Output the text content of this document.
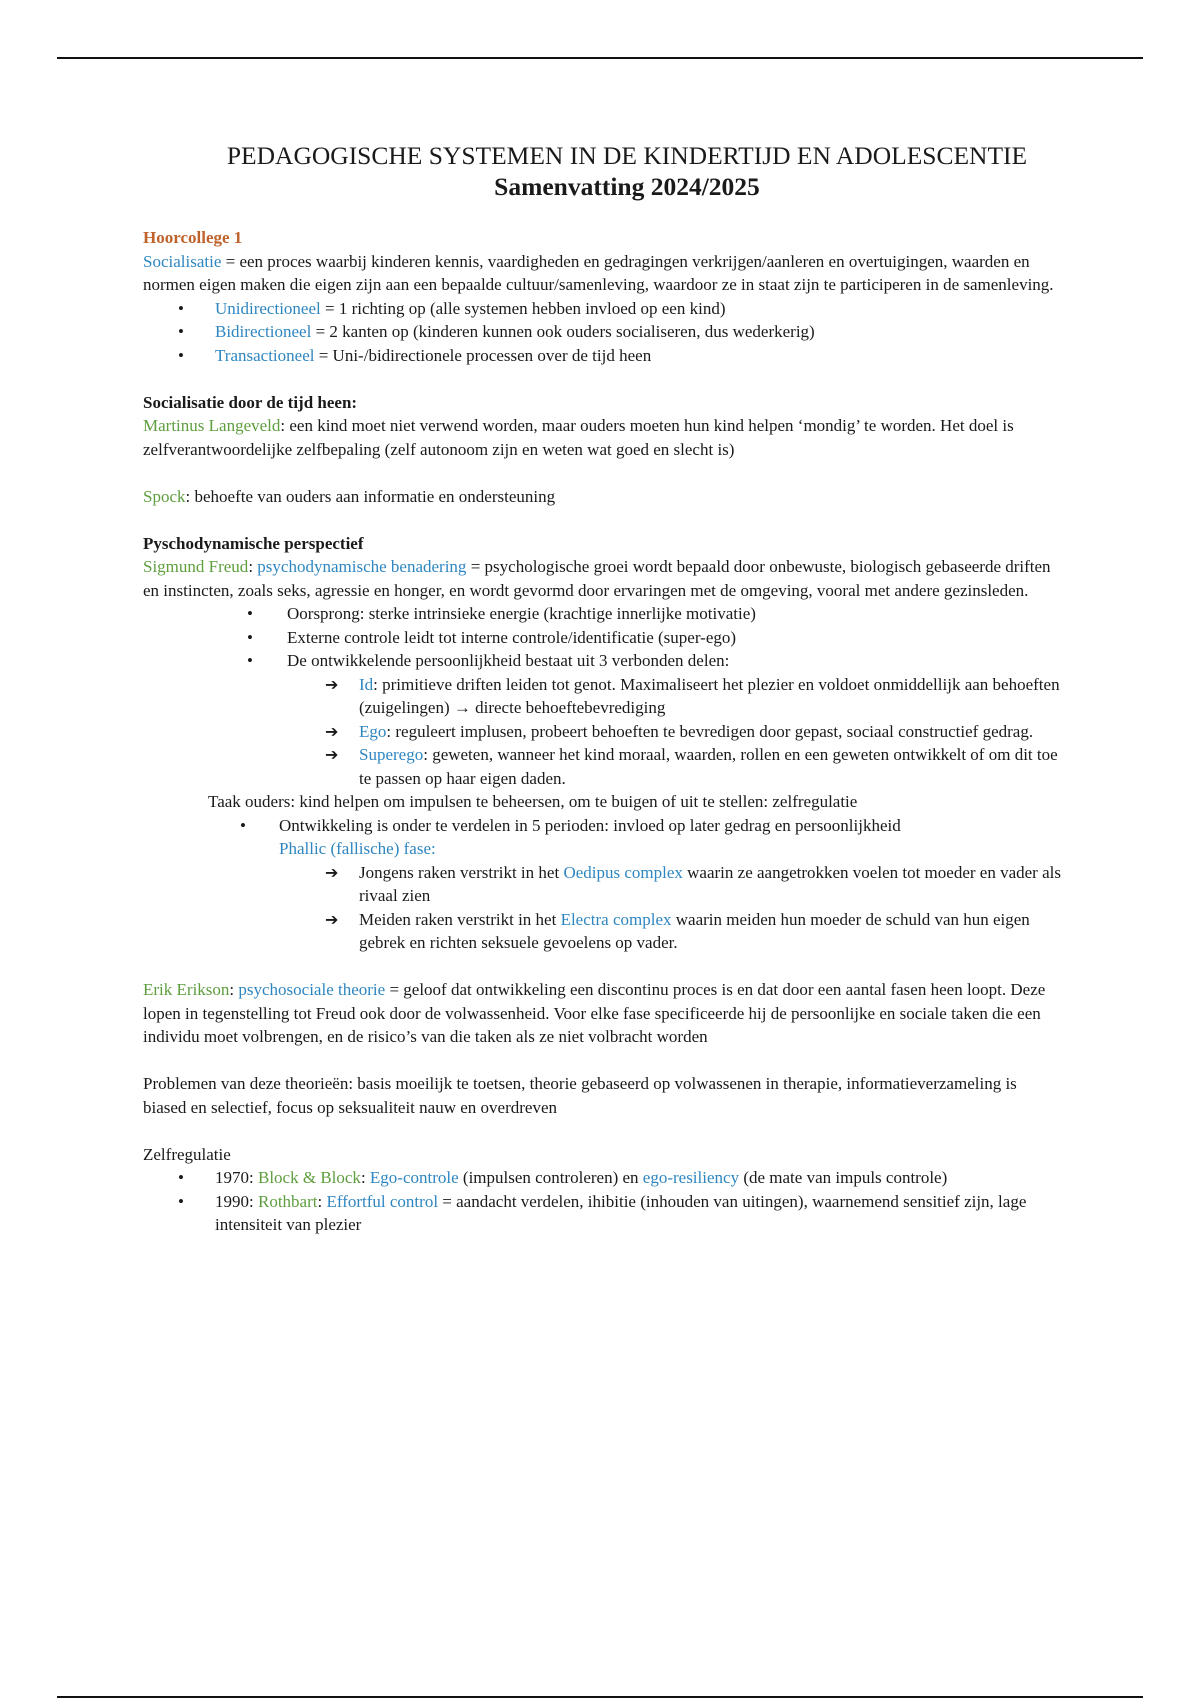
PEDAGOGISCHE SYSTEMEN IN DE KINDERTIJD EN ADOLESCENTIE
Samenvatting 2024/2025

Hoorcollege 1

Socialisatie = een proces waarbij kinderen kennis, vaardigheden en gedragingen verkrijgen/aanleren en overtuigingen, waarden en normen eigen maken die eigen zijn aan een bepaalde cultuur/samenleving, waardoor ze in staat zijn te participeren in de samenleving.

• Unidirectioneel = 1 richting op (alle systemen hebben invloed op een kind)
• Bidirectioneel = 2 kanten op (kinderen kunnen ook ouders socialiseren, dus wederkerig)
• Transactioneel = Uni-/bidirectionele processen over de tijd heen

Socialisatie door de tijd heen:

Martinus Langeveld: een kind moet niet verwend worden, maar ouders moeten hun kind helpen ‘mondig’ te worden. Het doel is zelfverantwoordelijke zelfbepaling (zelf autonoom zijn en weten wat goed en slecht is)

Spock: behoefte van ouders aan informatie en ondersteuning

Pyschodynamische perspectief

Sigmund Freud: psychodynamische benadering = psychologische groei wordt bepaald door onbewuste, biologisch gebaseerde driften en instincten, zoals seks, agressie en honger, en wordt gevormd door ervaringen met de omgeving, vooral met andere gezinsleden.

• Oorsprong: sterke intrinsieke energie (krachtige innerlijke motivatie)
• Externe controle leidt tot interne controle/identificatie (super-ego)
• De ontwikkelende persoonlijkheid bestaat uit 3 verbonden delen:
➔ Id: primitieve driften leiden tot genot. Maximaliseert het plezier en voldoet onmiddellijk aan behoeften (zuigelingen) → directe behoeftebevrediging
➔ Ego: reguleert implusen, probeert behoeften te bevredigen door gepast, sociaal constructief gedrag.
➔ Superego: geweten, wanneer het kind moraal, waarden, rollen en een geweten ontwikkelt of om dit toe te passen op haar eigen daden.

Taak ouders: kind helpen om impulsen te beheersen, om te buigen of uit te stellen: zelfregulatie

• Ontwikkeling is onder te verdelen in 5 perioden: invloed op later gedrag en persoonlijkheid

Phallic (fallische) fase:

➔ Jongens raken verstrikt in het Oedipus complex waarin ze aangetrokken voelen tot moeder en vader als rivaal zien
➔ Meiden raken verstrikt in het Electra complex waarin meiden hun moeder de schuld van hun eigen gebrek en richten seksuele gevoelens op vader.

Erik Erikson: psychosociale theorie = geloof dat ontwikkeling een discontinu proces is en dat door een aantal fasen heen loopt. Deze lopen in tegenstelling tot Freud ook door de volwassenheid. Voor elke fase specificeerde hij de persoonlijke en sociale taken die een individu moet volbrengen, en de risico’s van die taken als ze niet volbracht worden

Problemen van deze theorieën: basis moeilijk te toetsen, theorie gebaseerd op volwassenen in therapie, informatieverzameling is biased en selectief, focus op seksualiteit nauw en overdreven

Zelfregulatie

• 1970: Block & Block: Ego-controle (impulsen controleren) en ego-resiliency (de mate van impuls controle)
• 1990: Rothbart: Effortful control = aandacht verdelen, ihibitie (inhouden van uitingen), waarnemend sensitief zijn, lage intensiteit van plezier
